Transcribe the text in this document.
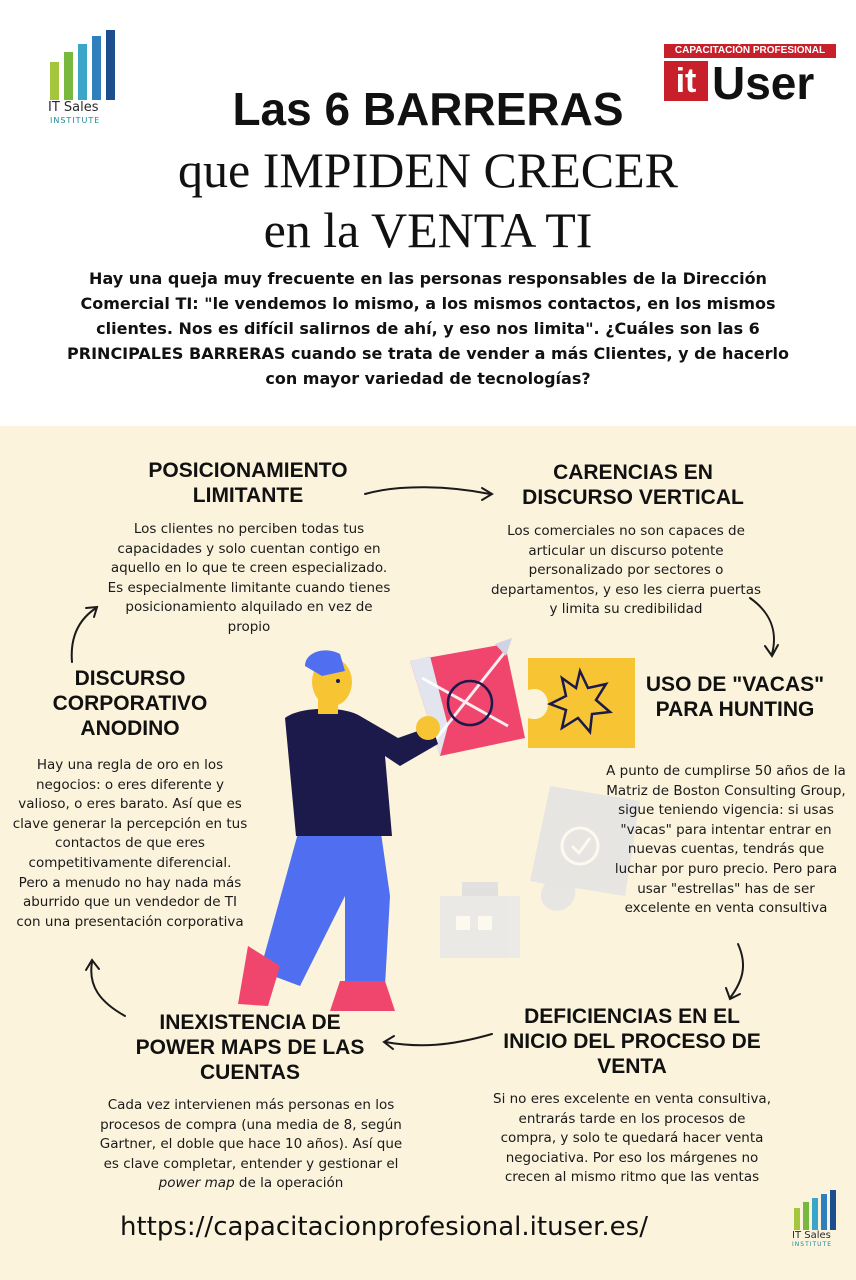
IT Sales
INSTITUTE
CAPACITACIÓN PROFESIONAL
it User
Las 6 BARRERAS
que IMPIDEN CRECER
en la VENTA TI
Hay una queja muy frecuente en las personas responsables de la Dirección Comercial TI: "le vendemos lo mismo, a los mismos contactos, en los mismos clientes. Nos es difícil salirnos de ahí, y eso nos limita". ¿Cuáles son las 6 PRINCIPALES BARRERAS cuando se trata de vender a más Clientes, y de hacerlo con mayor variedad de tecnologías?
POSICIONAMIENTO LIMITANTE
Los clientes no perciben todas tus capacidades y solo cuentan contigo en aquello en lo que te creen especializado. Es especialmente limitante cuando tienes posicionamiento alquilado en vez de propio
CARENCIAS EN DISCURSO VERTICAL
Los comerciales no son capaces de articular un discurso potente personalizado por sectores o departamentos, y eso les cierra puertas y limita su credibilidad
USO DE "VACAS" PARA HUNTING
A punto de cumplirse 50 años de la Matriz de Boston Consulting Group, sigue teniendo vigencia: si usas "vacas" para intentar entrar en nuevas cuentas, tendrás que luchar por puro precio. Pero para usar "estrellas" has de ser excelente en venta consultiva
DEFICIENCIAS EN EL INICIO DEL PROCESO DE VENTA
Si no eres excelente en venta consultiva, entrarás tarde en los procesos de compra, y solo te quedará hacer venta negociativa. Por eso los márgenes no crecen al mismo ritmo que las ventas
INEXISTENCIA DE POWER MAPS DE LAS CUENTAS
Cada vez intervienen más personas en los procesos de compra (una media de 8, según Gartner, el doble que hace 10 años). Así que es clave completar, entender y gestionar el power map de la operación
DISCURSO CORPORATIVO ANODINO
Hay una regla de oro en los negocios: o eres diferente y valioso, o eres barato. Así que es clave generar la percepción en tus contactos de que eres competitivamente diferencial. Pero a menudo no hay nada más aburrido que un vendedor de TI con una presentación corporativa
https://capacitacionprofesional.ituser.es/	IT Sales
INSTITUTE
